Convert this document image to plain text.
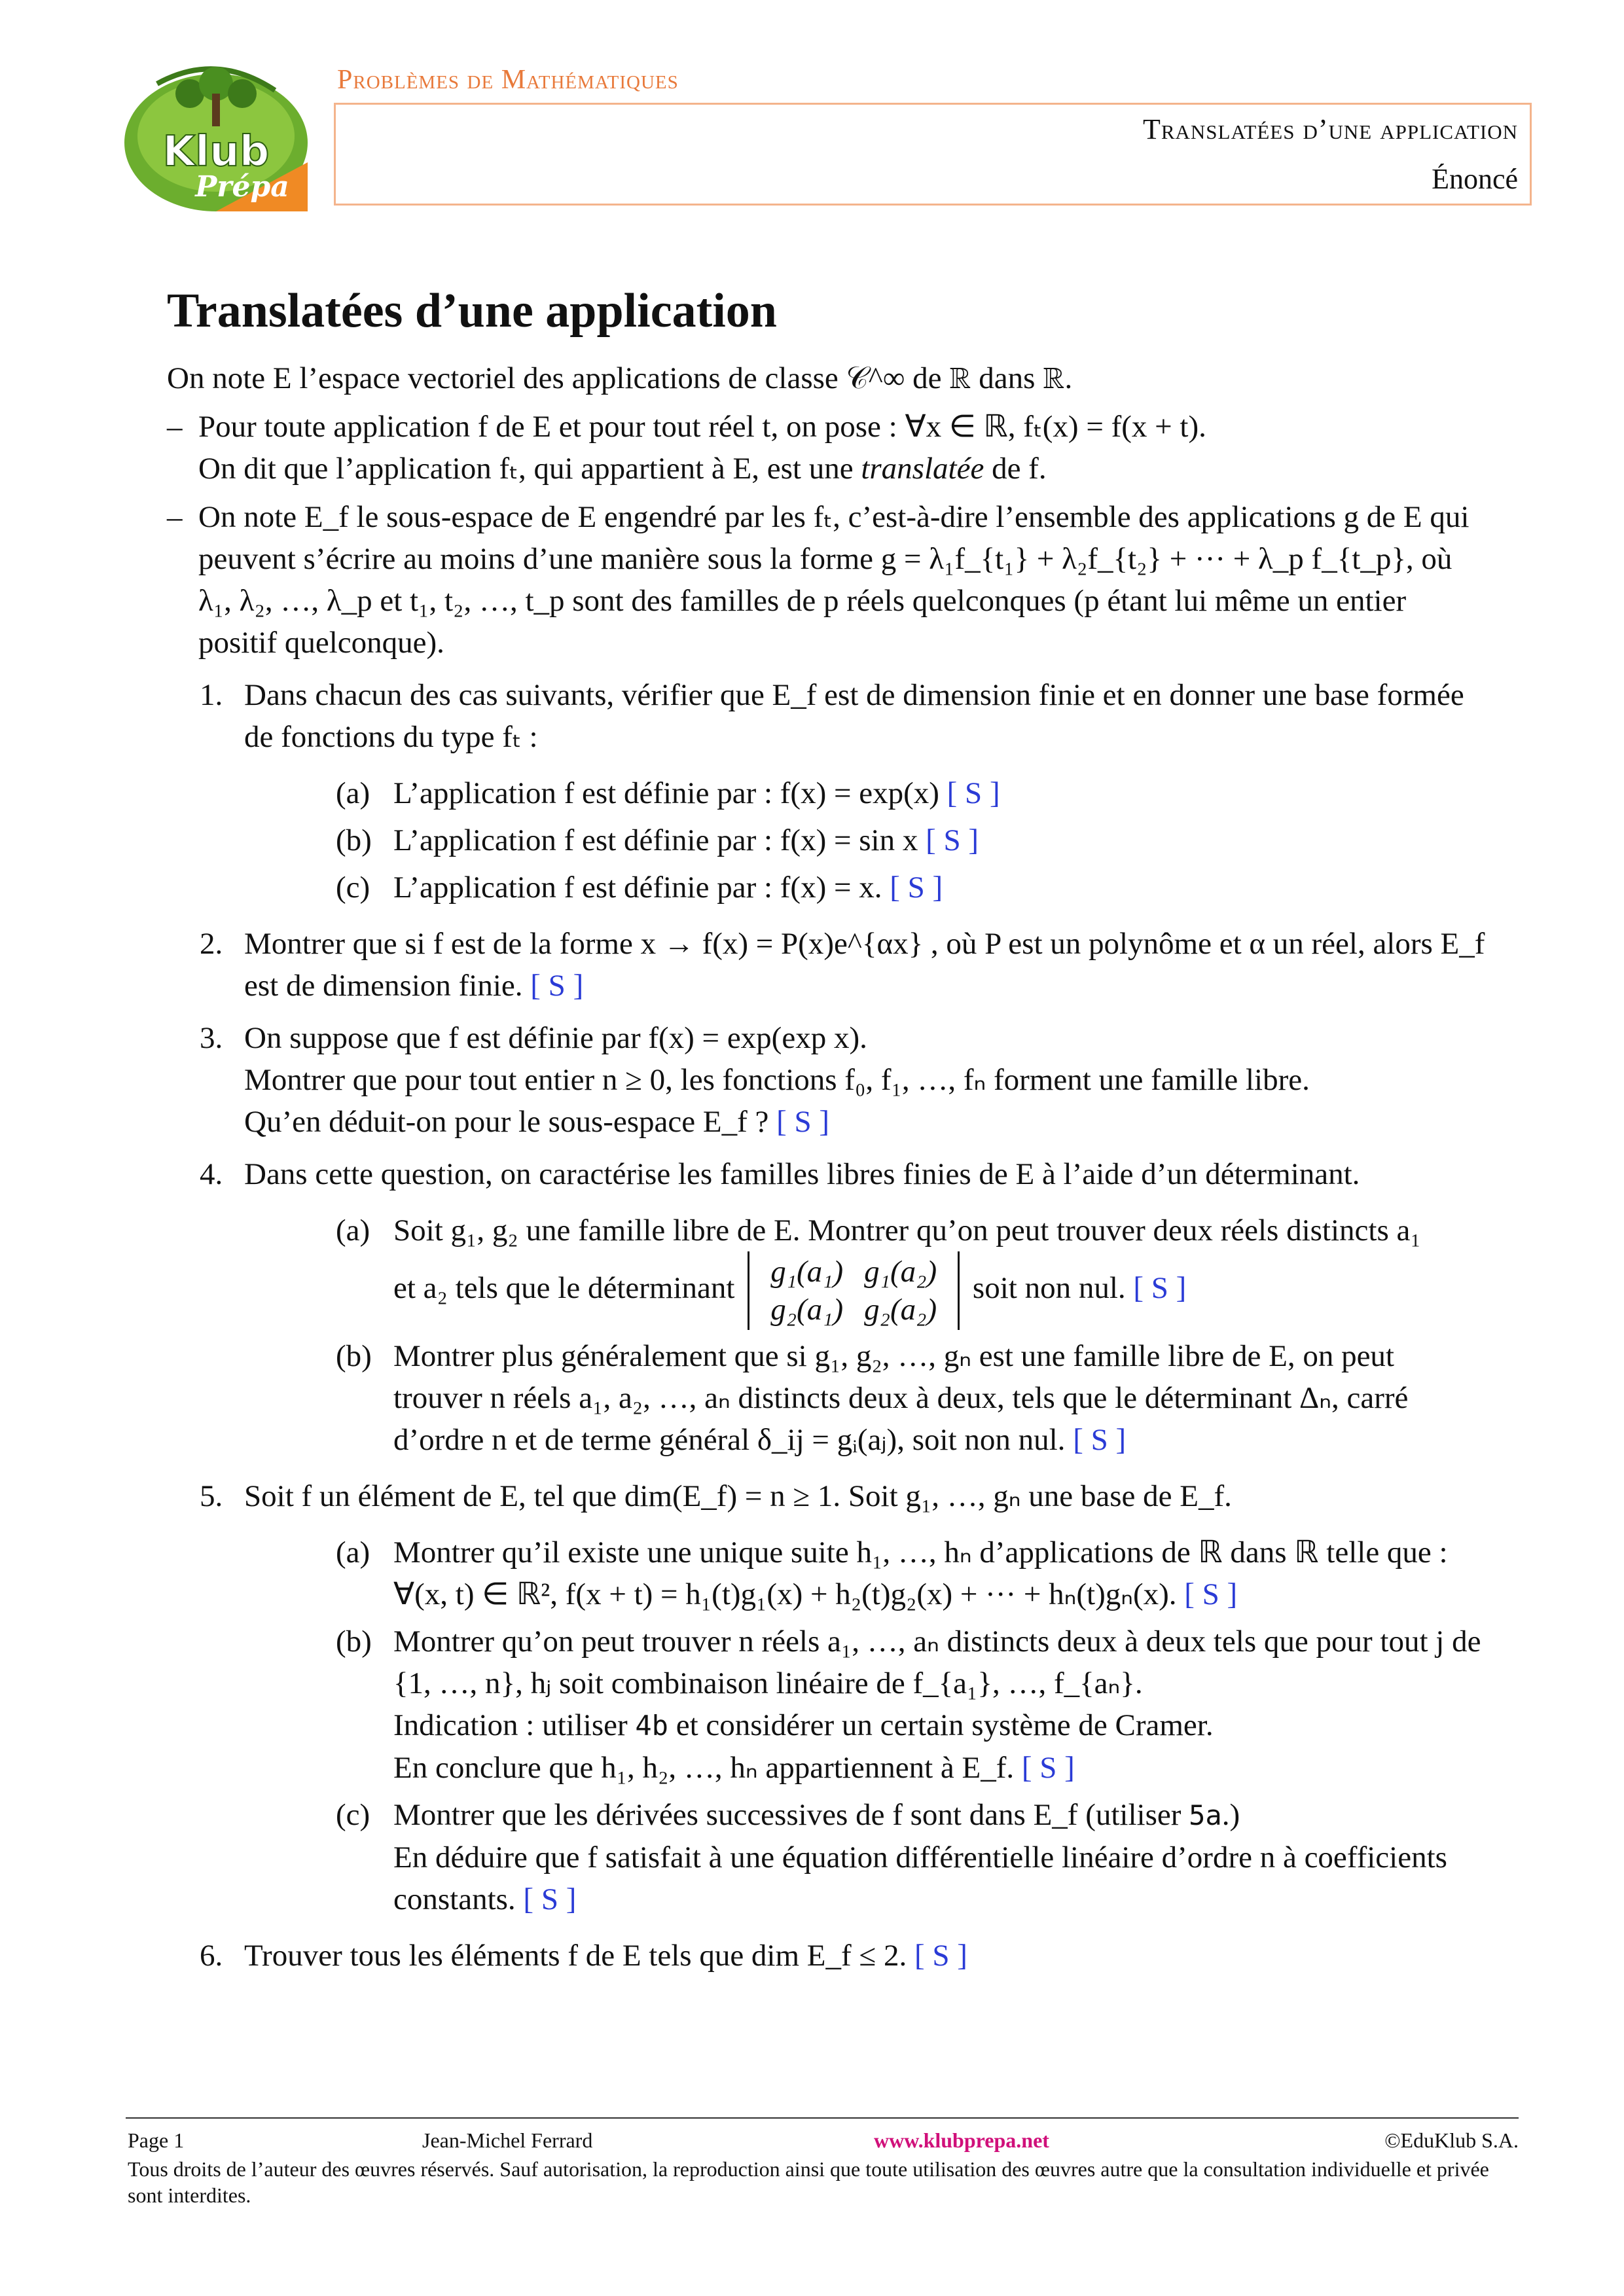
Klub
Prépa
Problèmes de Mathématiques
Translatées d’une application
Énoncé
Translatées d’une application

On note E l’espace vectoriel des applications de classe 𝒞^∞ de ℝ dans ℝ.

– Pour toute application f de E et pour tout réel t, on pose : ∀x ∈ ℝ, fₜ(x) = f(x + t).

On dit que l’application fₜ, qui appartient à E, est une translatée de f.

– On note E_f le sous-espace de E engendré par les fₜ, c’est-à-dire l’ensemble des applications g de E qui peuvent s’écrire au moins d’une manière sous la forme g = λ₁f_{t₁} + λ₂f_{t₂} + ··· + λ_p f_{t_p}, où λ₁, λ₂, …, λ_p et t₁, t₂, …, t_p sont des familles de p réels quelconques (p étant lui même un entier positif quelconque).

1. Dans chacun des cas suivants, vérifier que E_f est de dimension finie et en donner une base formée de fonctions du type fₜ :
(a) L’application f est définie par : f(x) = exp(x) [ S ]
(b) L’application f est définie par : f(x) = sin x [ S ]
(c) L’application f est définie par : f(x) = x. [ S ]
2. Montrer que si f est de la forme x → f(x) = P(x)e^{αx} , où P est un polynôme et α un réel, alors E_f est de dimension finie. [ S ]
3. On suppose que f est définie par f(x) = exp(exp x).
Montrer que pour tout entier n ≥ 0, les fonctions f₀, f₁, …, fₙ forment une famille libre.
Qu’en déduit-on pour le sous-espace E_f ? [ S ]
4. Dans cette question, on caractérise les familles libres finies de E à l’aide d’un déterminant.
(a) Soit g₁, g₂ une famille libre de E. Montrer qu’on peut trouver deux réels distincts a₁
et a₂ tels que le déterminant g₁(a₁)	g₁(a₂)
g₂(a₁)	g₂(a₂)
soit non nul. [ S ]
(b) Montrer plus généralement que si g₁, g₂, …, gₙ est une famille libre de E, on peut trouver n réels a₁, a₂, …, aₙ distincts deux à deux, tels que le déterminant Δₙ, carré d’ordre n et de terme général δ_ij = gᵢ(aⱼ), soit non nul. [ S ]
5. Soit f un élément de E, tel que dim(E_f) = n ≥ 1. Soit g₁, …, gₙ une base de E_f.
(a) Montrer qu’il existe une unique suite h₁, …, hₙ d’applications de ℝ dans ℝ telle que :
∀(x, t) ∈ ℝ², f(x + t) = h₁(t)g₁(x) + h₂(t)g₂(x) + ··· + hₙ(t)gₙ(x). [ S ]
(b) Montrer qu’on peut trouver n réels a₁, …, aₙ distincts deux à deux tels que pour tout j de {1, …, n}, hⱼ soit combinaison linéaire de f_{a₁}, …, f_{aₙ}.
Indication : utiliser 4b et considérer un certain système de Cramer.
En conclure que h₁, h₂, …, hₙ appartiennent à E_f. [ S ]
(c) Montrer que les dérivées successives de f sont dans E_f (utiliser 5a.)
En déduire que f satisfait à une équation différentielle linéaire d’ordre n à coefficients constants. [ S ]
6. Trouver tous les éléments f de E tels que dim E_f ≤ 2. [ S ]
Page 1	Jean-Michel Ferrard	www.klubprepa.net	©EduKlub S.A.
Tous droits de l’auteur des œuvres réservés. Sauf autorisation, la reproduction ainsi que toute utilisation des œuvres autre que la consultation individuelle et privée sont interdites.
